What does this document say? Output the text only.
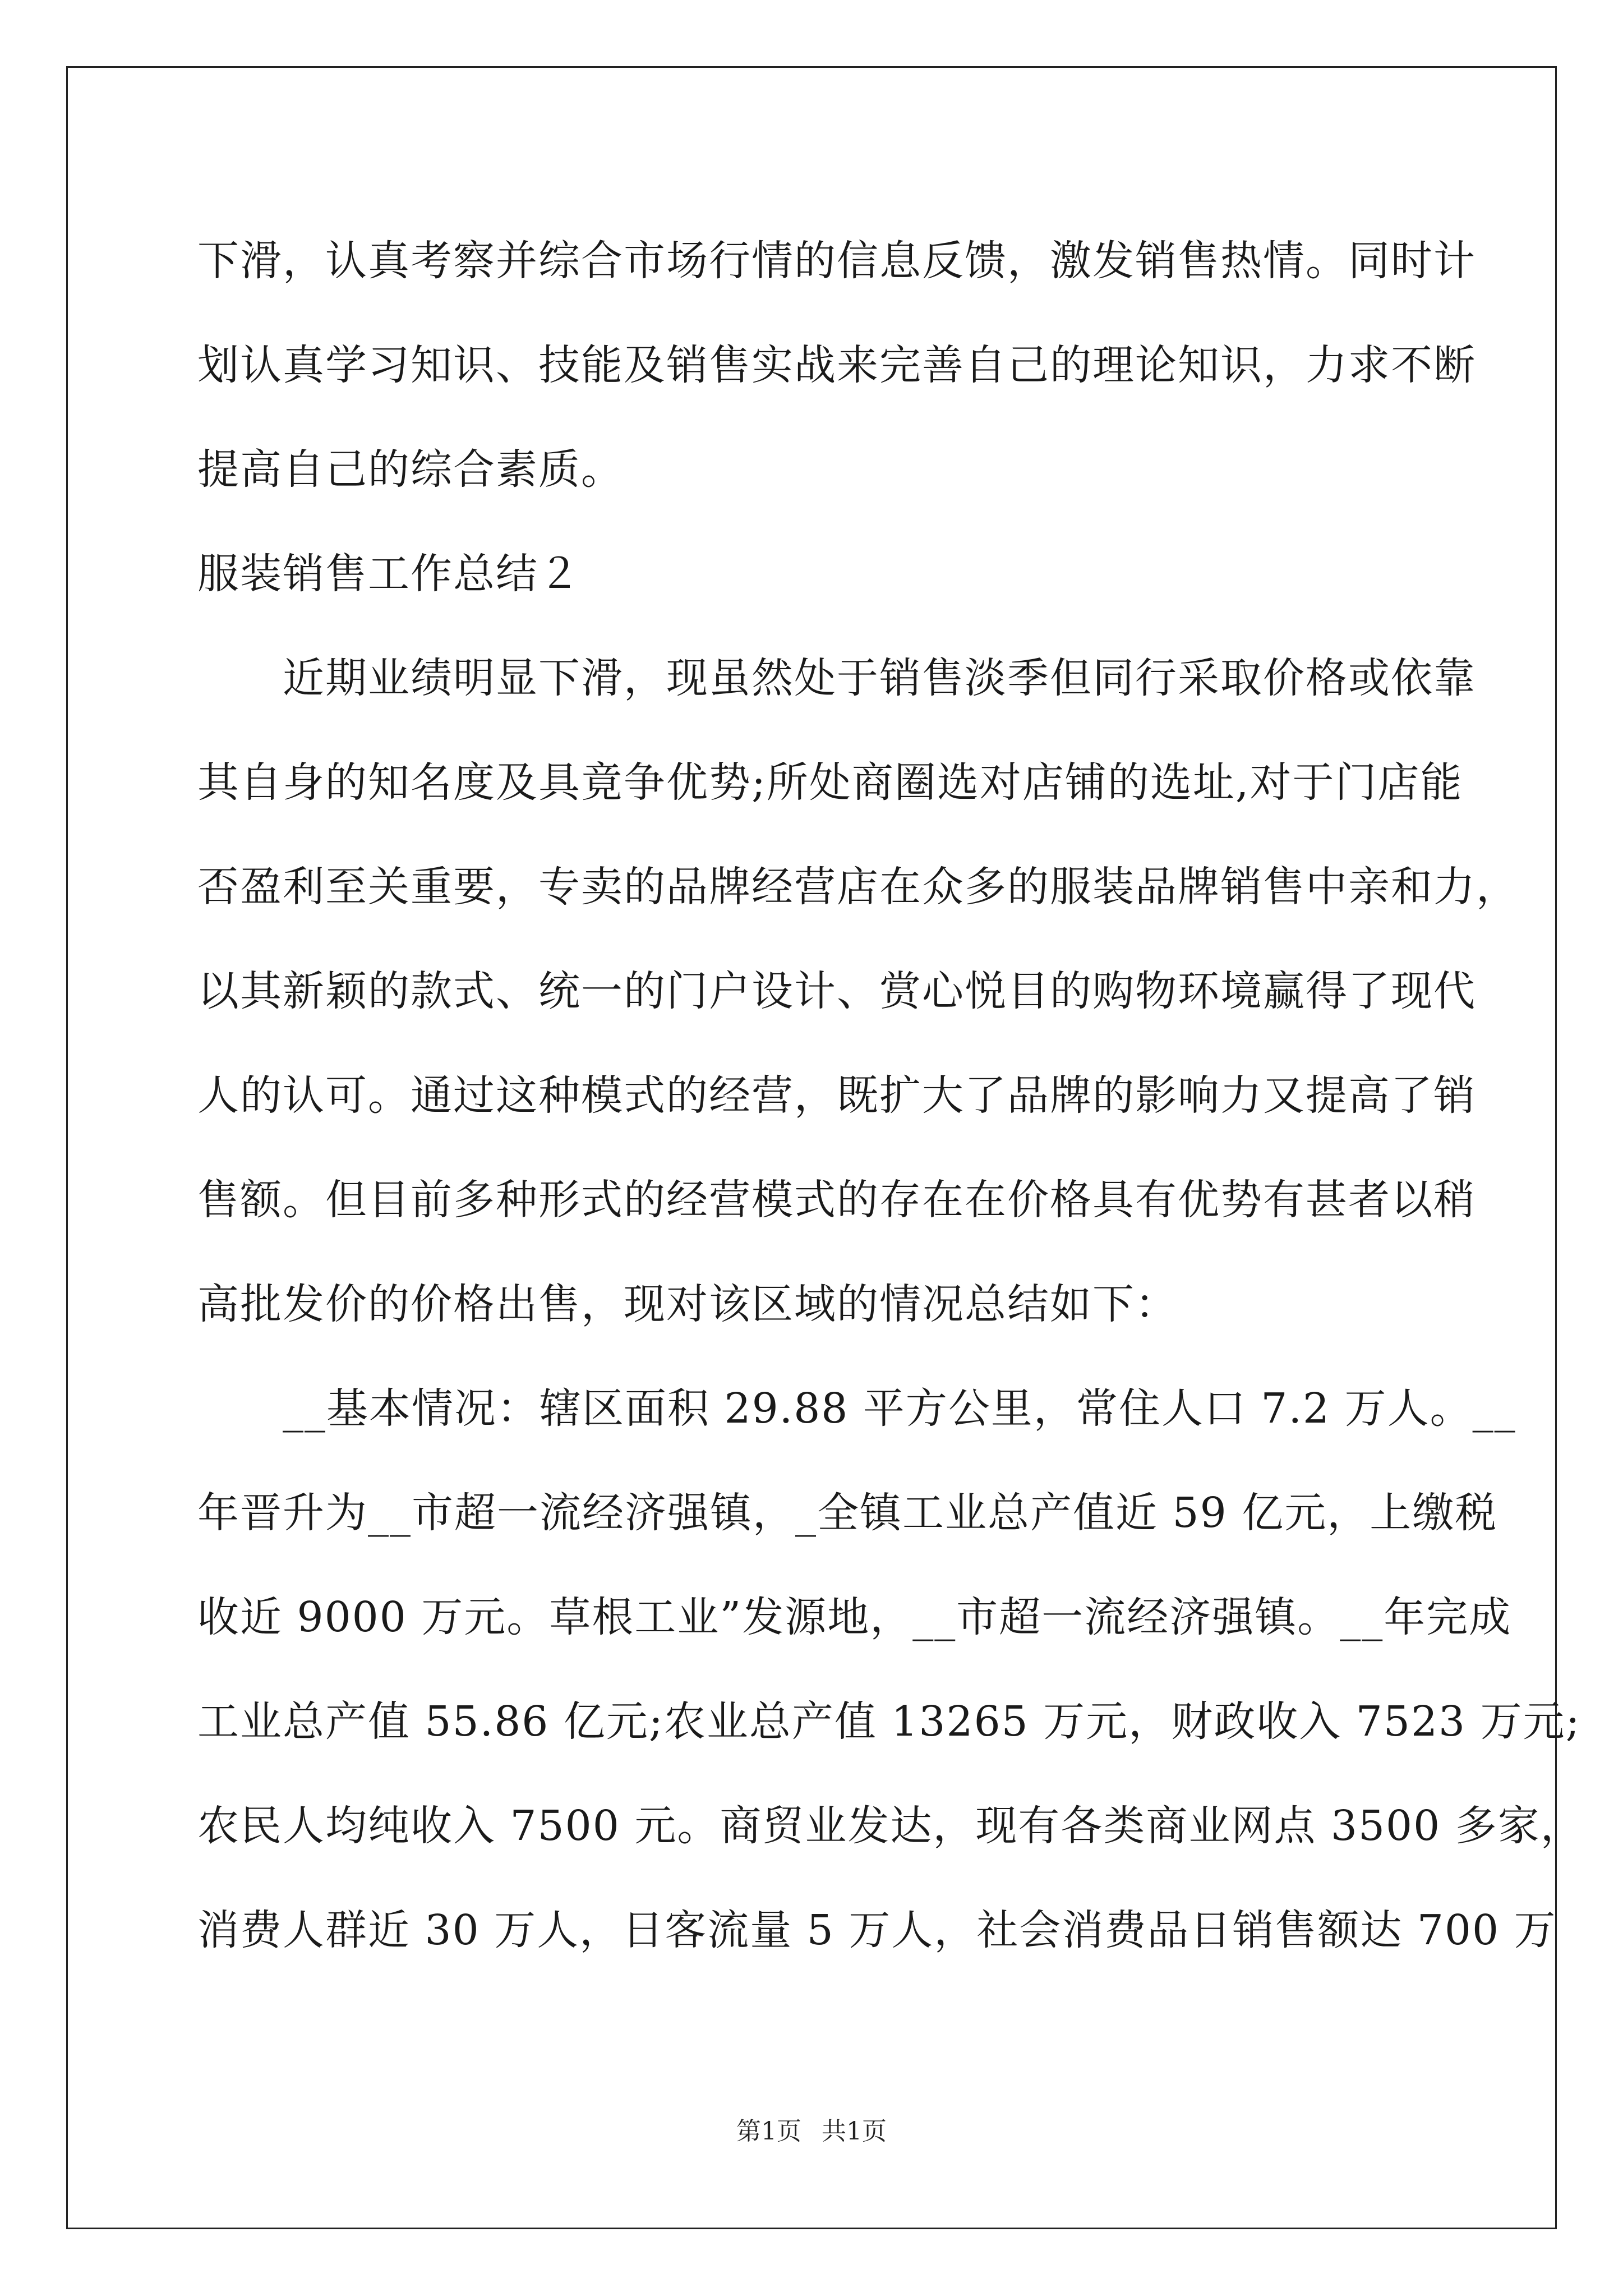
下滑，认真考察并综合市场行情的信息反馈，激发销售热情。同时计
划认真学习知识、技能及销售实战来完善自己的理论知识，力求不断
提高自己的综合素质。
服装销售工作总结２
　　近期业绩明显下滑，现虽然处于销售淡季但同行采取价格或依靠
其自身的知名度及具竟争优势;所处商圈选对店铺的选址,对于门店能
否盈利至关重要，专卖的品牌经营店在众多的服装品牌销售中亲和力，
以其新颖的款式、统一的门户设计、赏心悦目的购物环境赢得了现代
人的认可。通过这种模式的经营，既扩大了品牌的影响力又提高了销
售额。但目前多种形式的经营模式的存在在价格具有优势有甚者以稍
高批发价的价格出售，现对该区域的情况总结如下：
　　__基本情况：辖区面积 29.88 平方公里，常住人口 7.2 万人。__
年晋升为__市超一流经济强镇，_全镇工业总产值近 59 亿元，上缴税
收近 9000 万元。草根工业”发源地，__市超一流经济强镇。__年完成
工业总产值 55.86 亿元;农业总产值 13265 万元，财政收入 7523 万元;
农民人均纯收入 7500 元。商贸业发达，现有各类商业网点 3500 多家，
消费人群近 30 万人，日客流量 5 万人，社会消费品日销售额达 700 万
第1页 共1页
